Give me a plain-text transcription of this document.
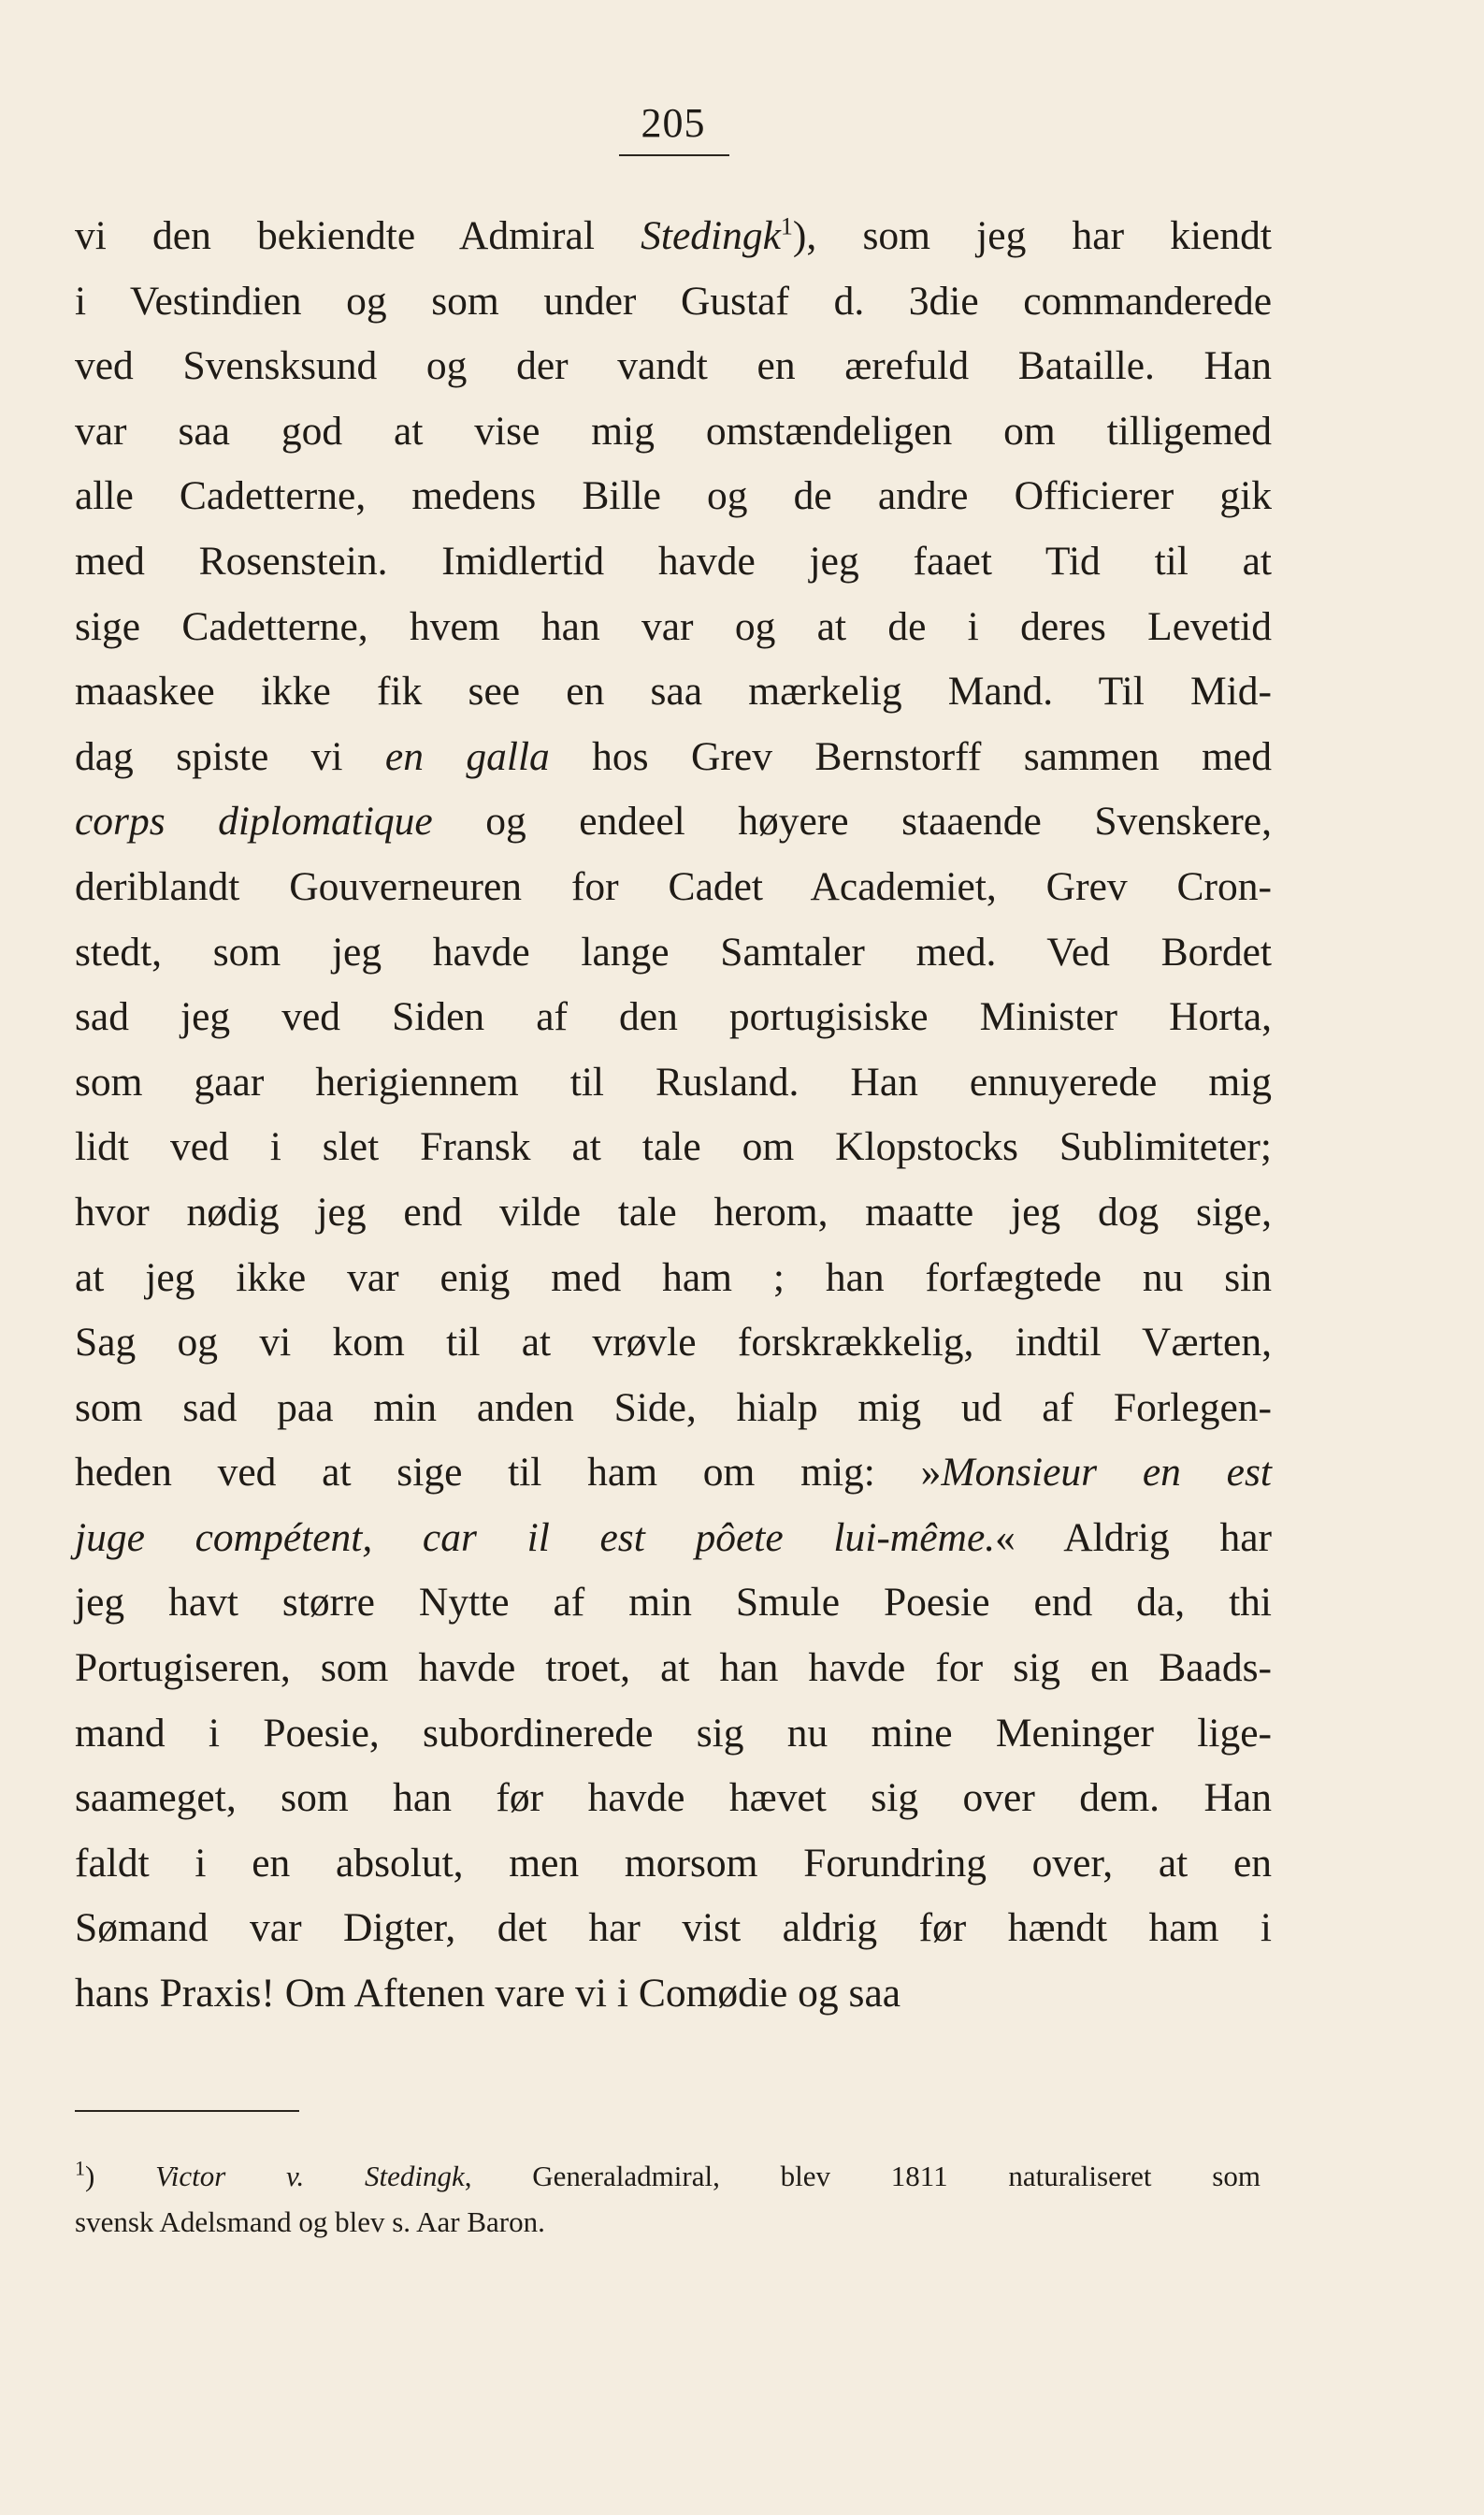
205
vi den bekiendte Admiral Stedingk$^1$), som jeg har kiendt
i Vestindien og som under Gustaf d. 3die commanderede
ved Svensksund og der vandt en ærefuld Bataille. Han
var saa god at vise mig omstændeligen om tilligemed
alle Cadetterne, medens Bille og de andre Officierer gik
med Rosenstein. Imidlertid havde jeg faaet Tid til at
sige Cadetterne, hvem han var og at de i deres Levetid
maaskee ikke fik see en saa mærkelig Mand. Til Mid-
dag spiste vi en galla hos Grev Bernstorff sammen med
corps diplomatique og endeel høyere staaende Svenskere,
deriblandt Gouverneuren for Cadet Academiet, Grev Cron-
stedt, som jeg havde lange Samtaler med. Ved Bordet
sad jeg ved Siden af den portugisiske Minister Horta,
som gaar herigiennem til Rusland. Han ennuyerede mig
lidt ved i slet Fransk at tale om Klopstocks Sublimiteter;
hvor nødig jeg end vilde tale herom, maatte jeg dog sige,
at jeg ikke var enig med ham ; han forfægtede nu sin
Sag og vi kom til at vrøvle forskrækkelig, indtil Værten,
som sad paa min anden Side, hialp mig ud af Forlegen-
heden ved at sige til ham om mig: »Monsieur en est
juge compétent, car il est pôete lui-même.« Aldrig har
jeg havt større Nytte af min Smule Poesie end da, thi
Portugiseren, som havde troet, at han havde for sig en Baads-
mand i Poesie, subordinerede sig nu mine Meninger lige-
saameget, som han før havde hævet sig over dem. Han
faldt i en absolut, men morsom Forundring over, at en
Sømand var Digter, det har vist aldrig før hændt ham i
hans Praxis! Om Aftenen vare vi i Comødie og saa
$^1$) Victor v. Stedingk, Generaladmiral, blev 1811 naturaliseret som
svensk Adelsmand og blev s. Aar Baron.
